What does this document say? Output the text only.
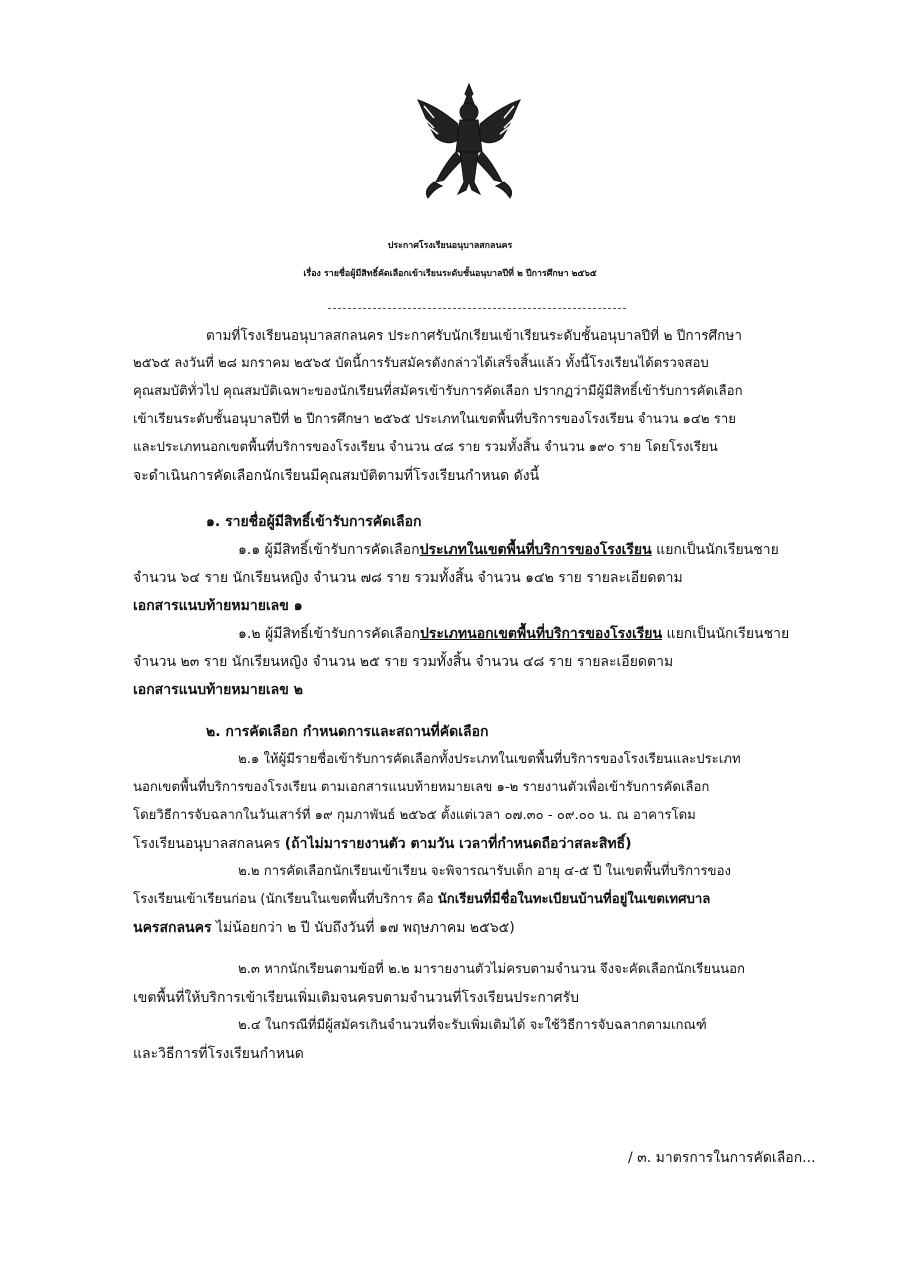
ประกาศโรงเรียนอนุบาลสกลนคร
เรื่อง รายชื่อผู้มีสิทธิ์คัดเลือกเข้าเรียนระดับชั้นอนุบาลปีที่ ๒ ปีการศึกษา ๒๕๖๕
ตามที่โรงเรียนอนุบาลสกลนคร ประกาศรับนักเรียนเข้าเรียนระดับชั้นอนุบาลปีที่ ๒ ปีการศึกษา
๒๕๖๕ ลงวันที่ ๒๘ มกราคม ๒๕๖๕ บัดนี้การรับสมัครดังกล่าวได้เสร็จสิ้นแล้ว ทั้งนี้โรงเรียนได้ตรวจสอบ
คุณสมบัติทั่วไป คุณสมบัติเฉพาะของนักเรียนที่สมัครเข้ารับการคัดเลือก ปรากฏว่ามีผู้มีสิทธิ์เข้ารับการคัดเลือก
เข้าเรียนระดับชั้นอนุบาลปีที่ ๒ ปีการศึกษา ๒๕๖๕ ประเภทในเขตพื้นที่บริการของโรงเรียน จำนวน ๑๔๒ ราย
และประเภทนอกเขตพื้นที่บริการของโรงเรียน จำนวน ๔๘ ราย รวมทั้งสิ้น จำนวน ๑๙๐ ราย โดยโรงเรียน
จะดำเนินการคัดเลือกนักเรียนมีคุณสมบัติตามที่โรงเรียนกำหนด ดังนี้
๑. รายชื่อผู้มีสิทธิ์เข้ารับการคัดเลือก
๑.๑ ผู้มีสิทธิ์เข้ารับการคัดเลือกประเภทในเขตพื้นที่บริการของโรงเรียน แยกเป็นนักเรียนชาย
จำนวน ๖๔ ราย นักเรียนหญิง จำนวน ๗๘ ราย รวมทั้งสิ้น จำนวน ๑๔๒ ราย รายละเอียดตาม
เอกสารแนบท้ายหมายเลข ๑
๑.๒ ผู้มีสิทธิ์เข้ารับการคัดเลือกประเภทนอกเขตพื้นที่บริการของโรงเรียน แยกเป็นนักเรียนชาย
จำนวน ๒๓ ราย นักเรียนหญิง จำนวน ๒๕ ราย รวมทั้งสิ้น จำนวน ๔๘ ราย รายละเอียดตาม
เอกสารแนบท้ายหมายเลข ๒
๒. การคัดเลือก กำหนดการและสถานที่คัดเลือก
๒.๑ ให้ผู้มีรายชื่อเข้ารับการคัดเลือกทั้งประเภทในเขตพื้นที่บริการของโรงเรียนและประเภท
นอกเขตพื้นที่บริการของโรงเรียน ตามเอกสารแนบท้ายหมายเลข ๑-๒ รายงานตัวเพื่อเข้ารับการคัดเลือก
โดยวิธีการจับฉลากในวันเสาร์ที่ ๑๙ กุมภาพันธ์ ๒๕๖๕ ตั้งแต่เวลา ๐๗.๓๐ - ๐๙.๐๐ น. ณ อาคารโดม
โรงเรียนอนุบาลสกลนคร (ถ้าไม่มารายงานตัว ตามวัน เวลาที่กำหนดถือว่าสละสิทธิ์)
๒.๒ การคัดเลือกนักเรียนเข้าเรียน จะพิจารณารับเด็ก อายุ ๔-๕ ปี ในเขตพื้นที่บริการของ
โรงเรียนเข้าเรียนก่อน (นักเรียนในเขตพื้นที่บริการ คือ นักเรียนที่มีชื่อในทะเบียนบ้านที่อยู่ในเขตเทศบาล
นครสกลนคร ไม่น้อยกว่า ๒ ปี นับถึงวันที่ ๑๗ พฤษภาคม ๒๕๖๕)
๒.๓ หากนักเรียนตามข้อที่ ๒.๒ มารายงานตัวไม่ครบตามจำนวน จึงจะคัดเลือกนักเรียนนอก
เขตพื้นที่ให้บริการเข้าเรียนเพิ่มเติมจนครบตามจำนวนที่โรงเรียนประกาศรับ
๒.๔ ในกรณีที่มีผู้สมัครเกินจำนวนที่จะรับเพิ่มเติมได้ จะใช้วิธีการจับฉลากตามเกณฑ์
และวิธีการที่โรงเรียนกำหนด
/ ๓. มาตรการในการคัดเลือก...
